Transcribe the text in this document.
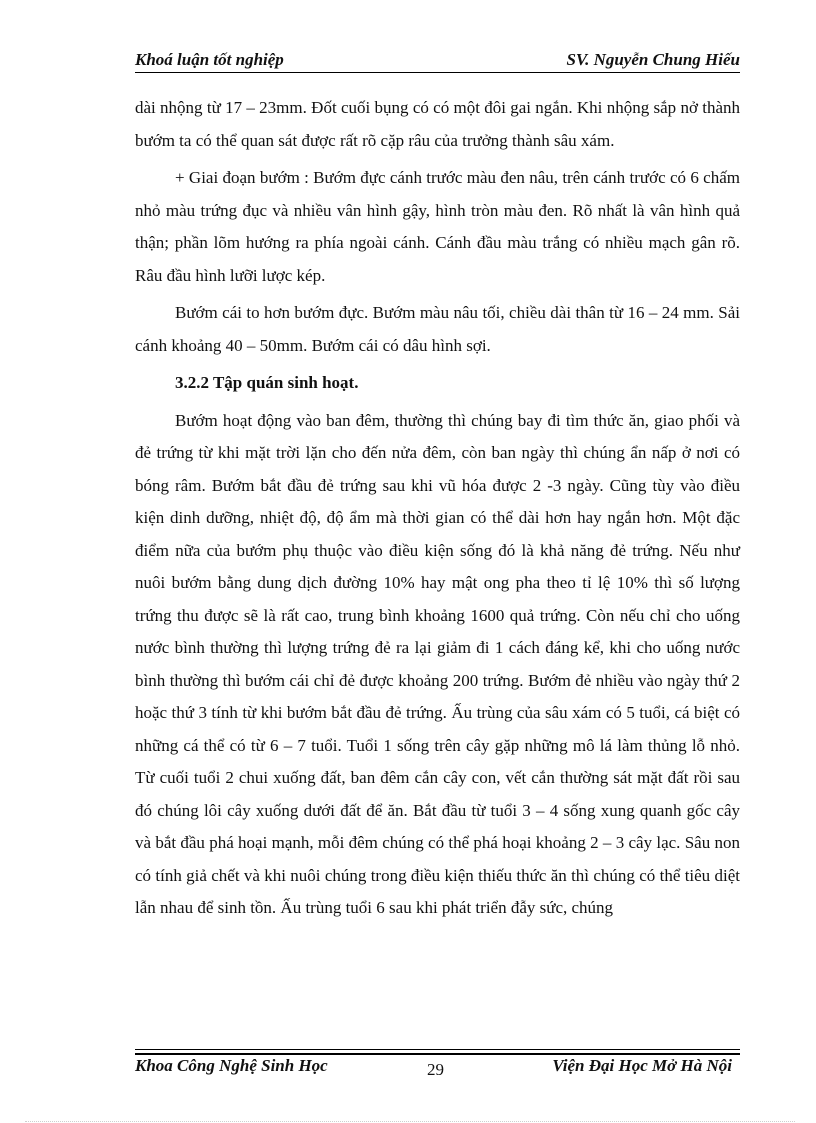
Khoá luận tốt nghiệp	SV. Nguyễn Chung Hiếu

dài nhộng từ 17 – 23mm. Đốt cuối bụng có có một đôi gai ngắn. Khi nhộng sắp nở thành bướm ta có thể quan sát được rất rõ cặp râu của trưởng thành sâu xám.

+ Giai đoạn bướm : Bướm đực cánh trước màu đen nâu, trên cánh trước có 6 chấm nhỏ màu trứng đục và nhiều vân hình gậy, hình tròn màu đen. Rõ nhất là vân hình quả thận; phần lõm hướng ra phía ngoài cánh. Cánh đầu màu trắng có nhiều mạch gân rõ. Râu đầu hình lưỡi lược kép.

Bướm cái to hơn bướm đực. Bướm màu nâu tối, chiều dài thân từ 16 – 24 mm. Sải cánh khoảng 40 – 50mm. Bướm cái có dâu hình sợi.

3.2.2 Tập quán sinh hoạt.

Bướm hoạt động vào ban đêm, thường thì chúng bay đi tìm thức ăn, giao phối và đẻ trứng từ khi mặt trời lặn cho đến nửa đêm, còn ban ngày thì chúng ẩn nấp ở nơi có bóng râm. Bướm bắt đầu đẻ trứng sau khi vũ hóa được 2 -3 ngày. Cũng tùy vào điều kiện dinh dưỡng, nhiệt độ, độ ẩm mà thời gian có thể dài hơn hay ngắn hơn. Một đặc điểm nữa của bướm phụ thuộc vào điều kiện sống đó là khả năng đẻ trứng. Nếu như nuôi bướm bằng dung dịch đường 10% hay mật ong pha theo tỉ lệ 10% thì số lượng trứng thu được sẽ là rất cao, trung bình khoảng 1600 quả trứng. Còn nếu chỉ cho uống nước bình thường thì lượng trứng đẻ ra lại giảm đi 1 cách đáng kể, khi cho uống nước bình thường thì bướm cái chỉ đẻ được khoảng 200 trứng. Bướm đẻ nhiều vào ngày thứ 2 hoặc thứ 3 tính từ khi bướm bắt đầu đẻ trứng. Ấu trùng của sâu xám có 5 tuổi, cá biệt có những cá thể có từ 6 – 7 tuổi. Tuổi 1 sống trên cây gặp những mô lá làm thủng lỗ nhỏ. Từ cuối tuổi 2 chui xuống đất, ban đêm cắn cây con, vết cắn thường sát mặt đất rồi sau đó chúng lôi cây xuống dưới đất để ăn. Bắt đầu từ tuổi 3 – 4 sống xung quanh gốc cây và bắt đầu phá hoại mạnh, mỗi đêm chúng có thể phá hoại khoảng 2 – 3 cây lạc. Sâu non có tính giả chết và khi nuôi chúng trong điều kiện thiếu thức ăn thì chúng có thể tiêu diệt lẫn nhau để sinh tồn. Ấu trùng tuổi 6 sau khi phát triển đẫy sức, chúng

Khoa Công Nghệ Sinh Học	29	Viện Đại Học Mở Hà Nội
